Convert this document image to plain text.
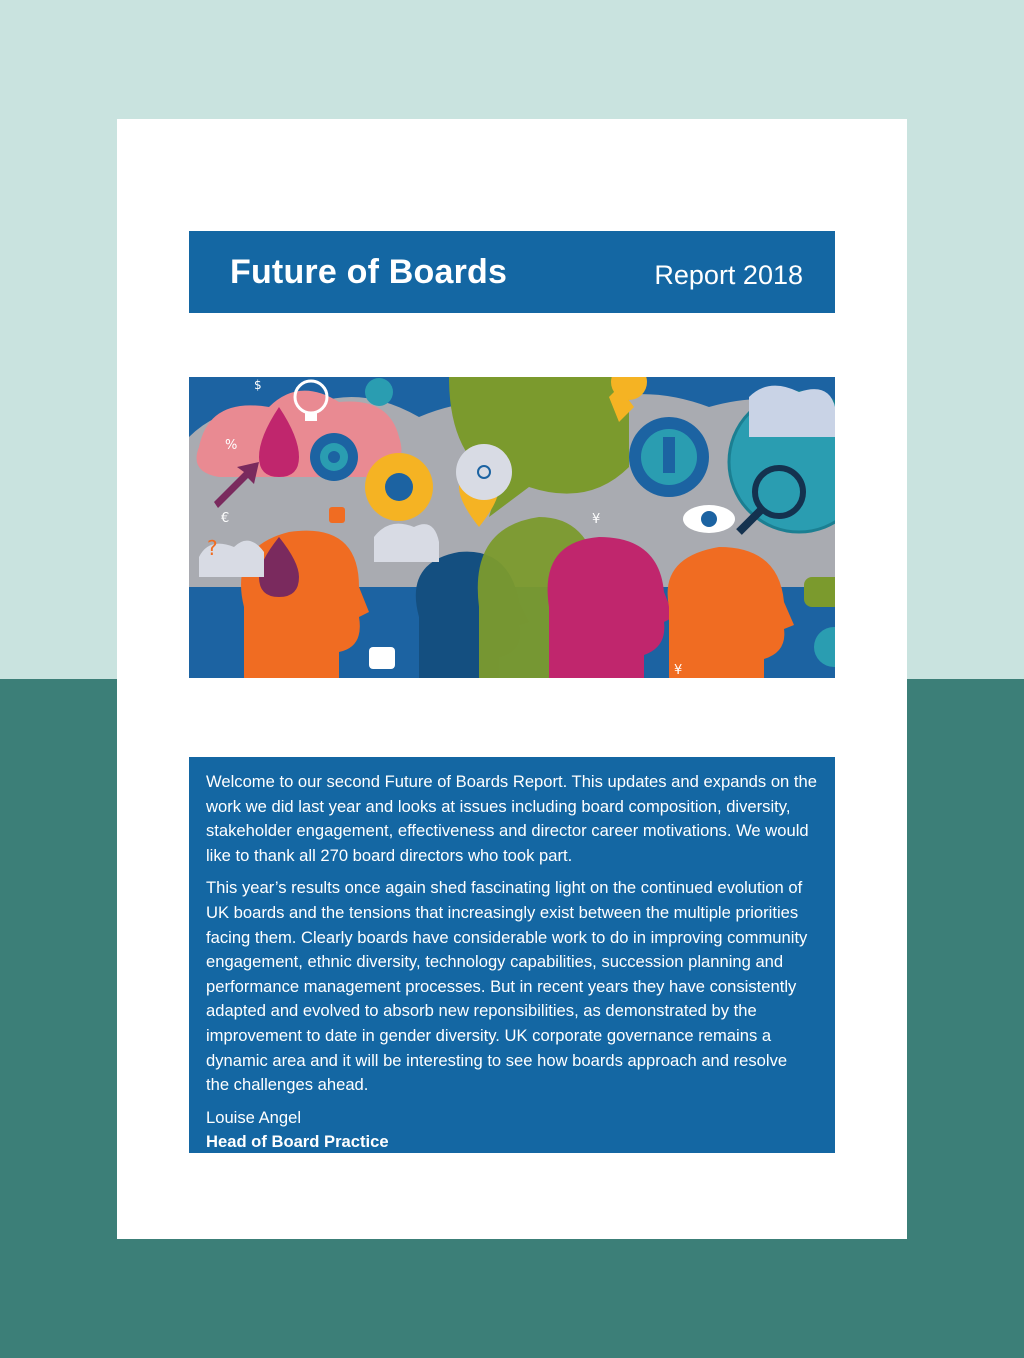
Future of Boards	Report 2018
$
%
€
?
¥
¥

Welcome to our second Future of Boards Report. This updates and expands on the
work we did last year and looks at issues including board composition, diversity,
stakeholder engagement, effectiveness and director career motivations. We would
like to thank all 270 board directors who took part.

This year’s results once again shed fascinating light on the continued evolution of
UK boards and the tensions that increasingly exist between the multiple priorities
facing them. Clearly boards have considerable work to do in improving community
engagement, ethnic diversity, technology capabilities, succession planning and
performance management processes. But in recent years they have consistently
adapted and evolved to absorb new reponsibilities, as demonstrated by the
improvement to date in gender diversity. UK corporate governance remains a
dynamic area and it will be interesting to see how boards approach and resolve
the challenges ahead.

Louise Angel
Head of Board Practice
